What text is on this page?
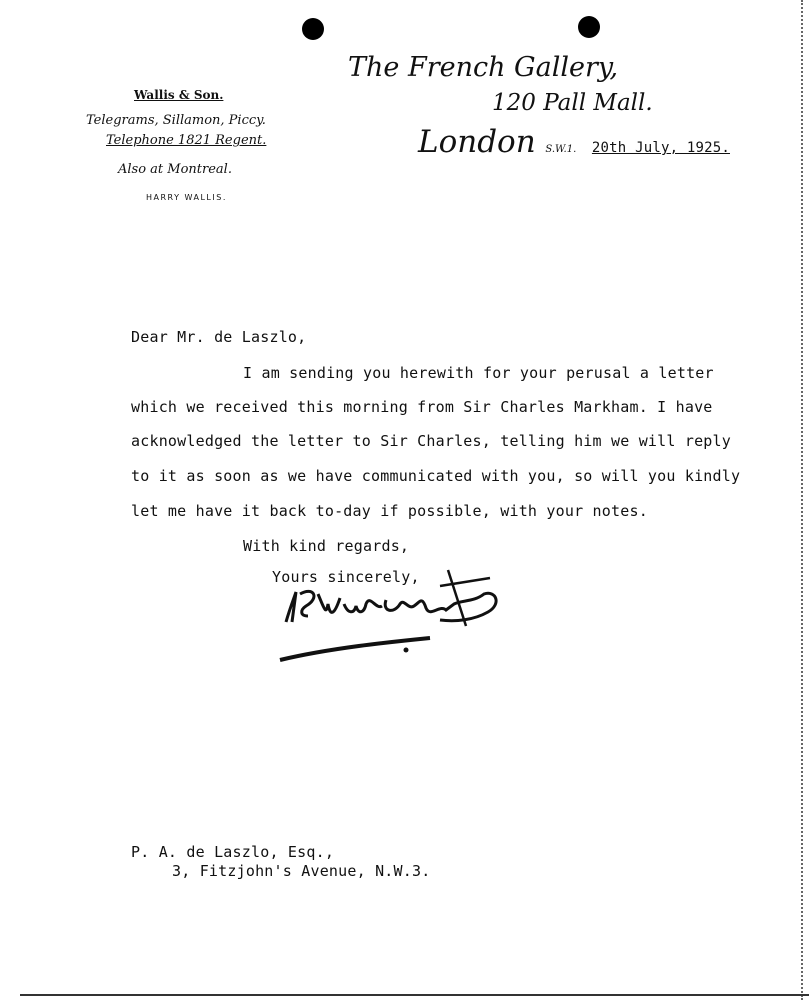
Wallis & Son.
Telegrams, Sillamon, Piccy.
Telephone 1821 Regent.
Also at Montreal.
HARRY WALLIS.
The French Gallery,
120 Pall Mall.
London S.W.1. 20th July, 1925.
Dear Mr. de Laszlo,
I am sending you herewith for your perusal a letter
which we received this morning from Sir Charles Markham. I have
acknowledged the letter to Sir Charles, telling him we will reply
to it as soon as we have communicated with you, so will you kindly
let me have it back to-day if possible, with your notes.
With kind regards,
Yours sincerely,
P. A. de Laszlo, Esq.,
3, Fitzjohn's Avenue, N.W.3.
